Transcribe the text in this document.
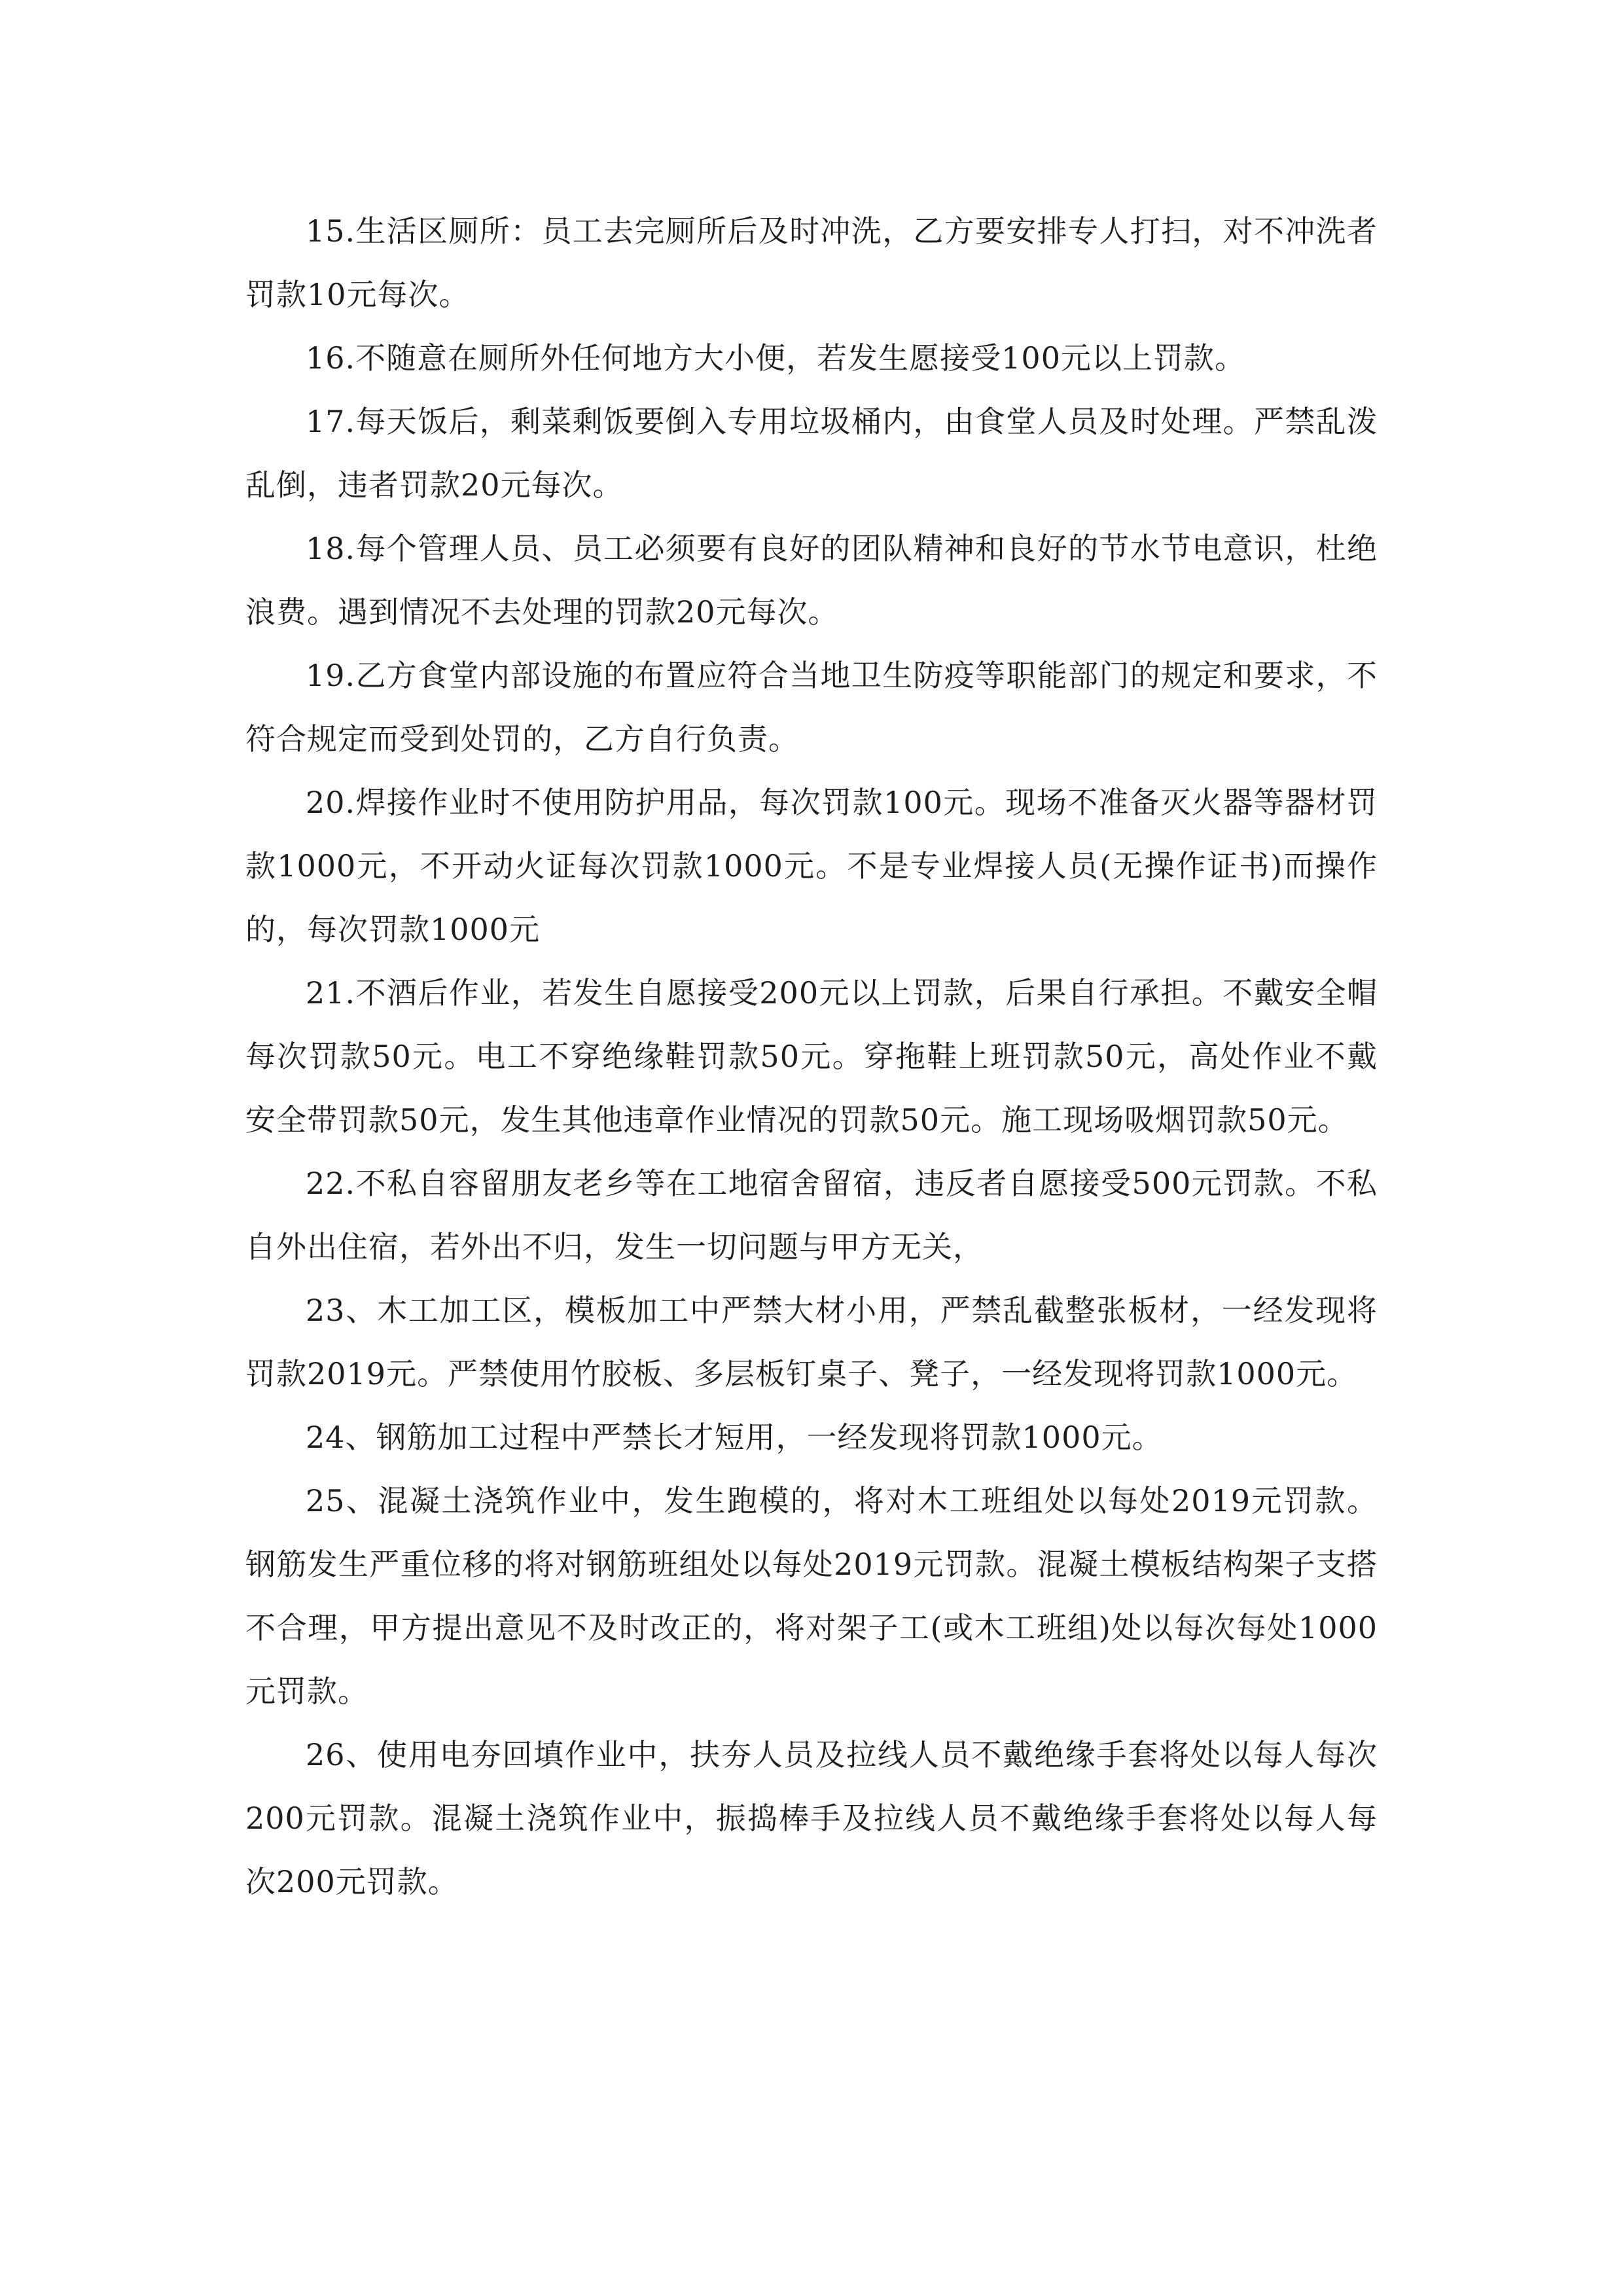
15.生活区厕所：员工去完厕所后及时冲洗，乙方要安排专人打扫，对不冲洗者罚款10元每次。

16.不随意在厕所外任何地方大小便，若发生愿接受100元以上罚款。

17.每天饭后，剩菜剩饭要倒入专用垃圾桶内，由食堂人员及时处理。严禁乱泼乱倒，违者罚款20元每次。

18.每个管理人员、员工必须要有良好的团队精神和良好的节水节电意识，杜绝浪费。遇到情况不去处理的罚款20元每次。

19.乙方食堂内部设施的布置应符合当地卫生防疫等职能部门的规定和要求，不符合规定而受到处罚的，乙方自行负责。

20.焊接作业时不使用防护用品，每次罚款100元。现场不准备灭火器等器材罚款1000元，不开动火证每次罚款1000元。不是专业焊接人员(无操作证书)而操作的，每次罚款1000元

21.不酒后作业，若发生自愿接受200元以上罚款，后果自行承担。不戴安全帽每次罚款50元。电工不穿绝缘鞋罚款50元。穿拖鞋上班罚款50元，高处作业不戴安全带罚款50元，发生其他违章作业情况的罚款50元。施工现场吸烟罚款50元。

22.不私自容留朋友老乡等在工地宿舍留宿，违反者自愿接受500元罚款。不私自外出住宿，若外出不归，发生一切问题与甲方无关，

23、木工加工区，模板加工中严禁大材小用，严禁乱截整张板材，一经发现将罚款2019元。严禁使用竹胶板、多层板钉桌子、凳子，一经发现将罚款1000元。

24、钢筋加工过程中严禁长才短用，一经发现将罚款1000元。

25、混凝土浇筑作业中，发生跑模的，将对木工班组处以每处2019元罚款。钢筋发生严重位移的将对钢筋班组处以每处2019元罚款。混凝土模板结构架子支搭不合理，甲方提出意见不及时改正的，将对架子工(或木工班组)处以每次每处1000元罚款。

26、使用电夯回填作业中，扶夯人员及拉线人员不戴绝缘手套将处以每人每次200元罚款。混凝土浇筑作业中，振捣棒手及拉线人员不戴绝缘手套将处以每人每次200元罚款。
